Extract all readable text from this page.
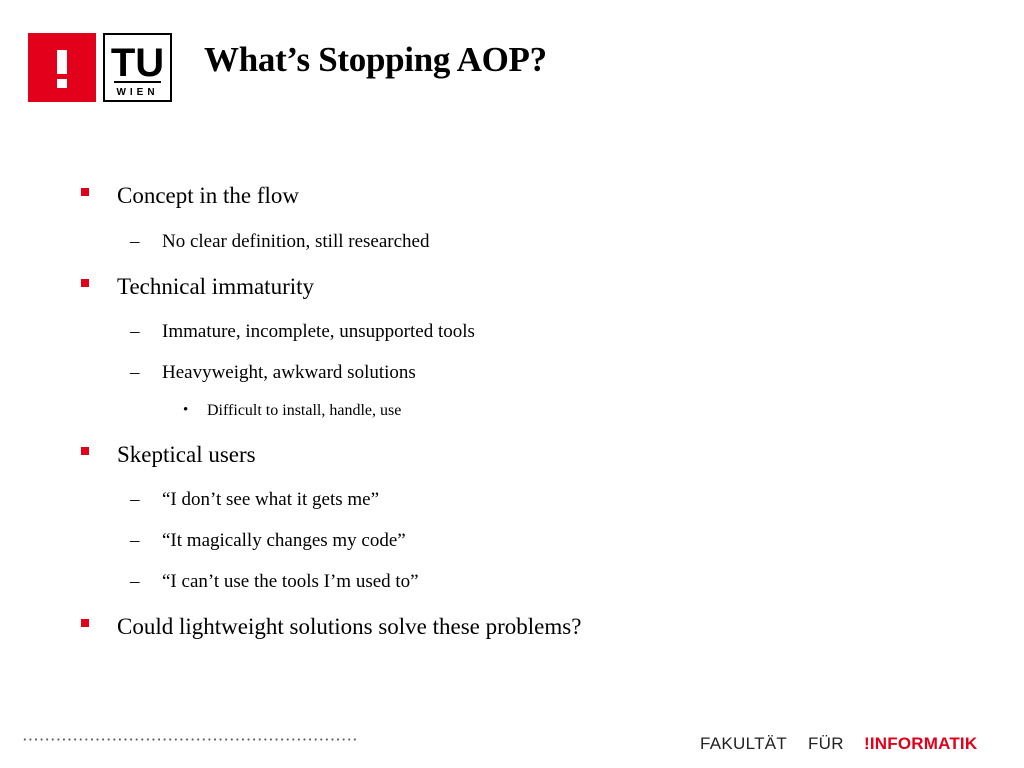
TU
WIEN
What’s Stopping AOP?
Concept in the flow
– No clear definition, still researched
Technical immaturity
– Immature, incomplete, unsupported tools
– Heavyweight, awkward solutions
• Difficult to install, handle, use
Skeptical users
– “I don’t see what it gets me”
– “It magically changes my code”
– “I can’t use the tools I’m used to”
Could lightweight solutions solve these problems?
FAKULTÄT FÜR !INFORMATIK
